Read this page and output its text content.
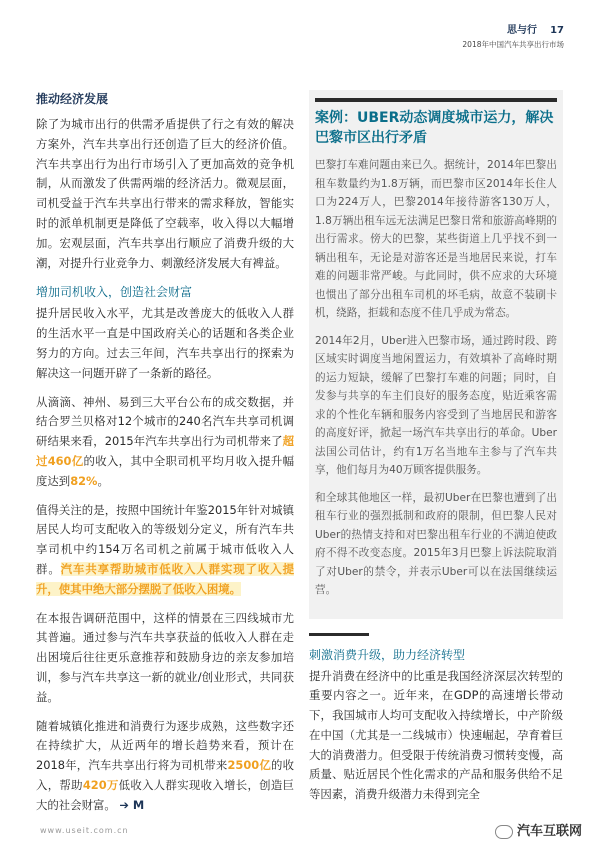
思与行 17
2018年中国汽车共享出行市场
推动经济发展

除了为城市出行的供需矛盾提供了行之有效的解决方案外，汽车共享出行还创造了巨大的经济价值。汽车共享出行为出行市场引入了更加高效的竞争机制，从而激发了供需两端的经济活力。微观层面，司机受益于汽车共享出行带来的需求释放，智能实时的派单机制更是降低了空载率，收入得以大幅增加。宏观层面，汽车共享出行顺应了消费升级的大潮，对提升行业竞争力、刺激经济发展大有裨益。

增加司机收入，创造社会财富

提升居民收入水平，尤其是改善庞大的低收入人群的生活水平一直是中国政府关心的话题和各类企业努力的方向。过去三年间，汽车共享出行的探索为解决这一问题开辟了一条新的路径。

从滴滴、神州、易到三大平台公布的成交数据，并结合罗兰贝格对12个城市的240名汽车共享司机调研结果来看，2015年汽车共享出行为司机带来了超过460亿的收入，其中全职司机平均月收入提升幅度达到82%。

值得关注的是，按照中国统计年鉴2015年针对城镇居民人均可支配收入的等级划分定义，所有汽车共享司机中约154万名司机之前属于城市低收入人群。汽车共享帮助城市低收入人群实现了收入提升，使其中绝大部分摆脱了低收入困境。

在本报告调研范围中，这样的情景在三四线城市尤其普遍。通过参与汽车共享获益的低收入人群在走出困境后往往更乐意推荐和鼓励身边的亲友参加培训，参与汽车共享这一新的就业/创业形式，共同获益。

随着城镇化推进和消费行为逐步成熟，这些数字还在持续扩大，从近两年的增长趋势来看，预计在2018年，汽车共享出行将为司机带来2500亿的收入，帮助420万低收入人群实现收入增长，创造巨大的社会财富。 ➔ M

案例：UBER动态调度城市运力，解决巴黎市区出行矛盾

巴黎打车难问题由来已久。据统计，2014年巴黎出租车数量约为1.8万辆，而巴黎市区2014年长住人口为224万人，巴黎2014年接待游客130万人，1.8万辆出租车远无法满足巴黎日常和旅游高峰期的出行需求。傍大的巴黎，某些街道上几乎找不到一辆出租车，无论是对游客还是当地居民来说，打车难的问题非常严峻。与此同时，供不应求的大环境也惯出了部分出租车司机的坏毛病，故意不装刷卡机，绕路，拒载和态度不佳几乎成为常态。

2014年2月，Uber进入巴黎市场，通过跨时段、跨区域实时调度当地闲置运力，有效填补了高峰时期的运力短缺，缓解了巴黎打车难的问题；同时，自发参与共享的车主们良好的服务态度，贴近乘客需求的个性化车辆和服务内容受到了当地居民和游客的高度好评，掀起一场汽车共享出行的革命。Uber法国公司估计，约有1万名当地车主参与了汽车共享，他们每月为40万顾客提供服务。

和全球其他地区一样，最初Uber在巴黎也遭到了出租车行业的强烈抵制和政府的限制，但巴黎人民对Uber的热情支持和对巴黎出租车行业的不满迫使政府不得不改变态度。2015年3月巴黎上诉法院取消了对Uber的禁令，并表示Uber可以在法国继续运营。

刺激消费升级，助力经济转型

提升消费在经济中的比重是我国经济深层次转型的重要内容之一。近年来，在GDP的高速增长带动下，我国城市人均可支配收入持续增长，中产阶级在中国（尤其是一二线城市）快速崛起，孕育着巨大的消费潜力。但受限于传统消费习惯转变慢，高质量、贴近居民个性化需求的产品和服务供给不足等因素，消费升级潜力未得到完全

www.useit.com.cn	汽车互联网
